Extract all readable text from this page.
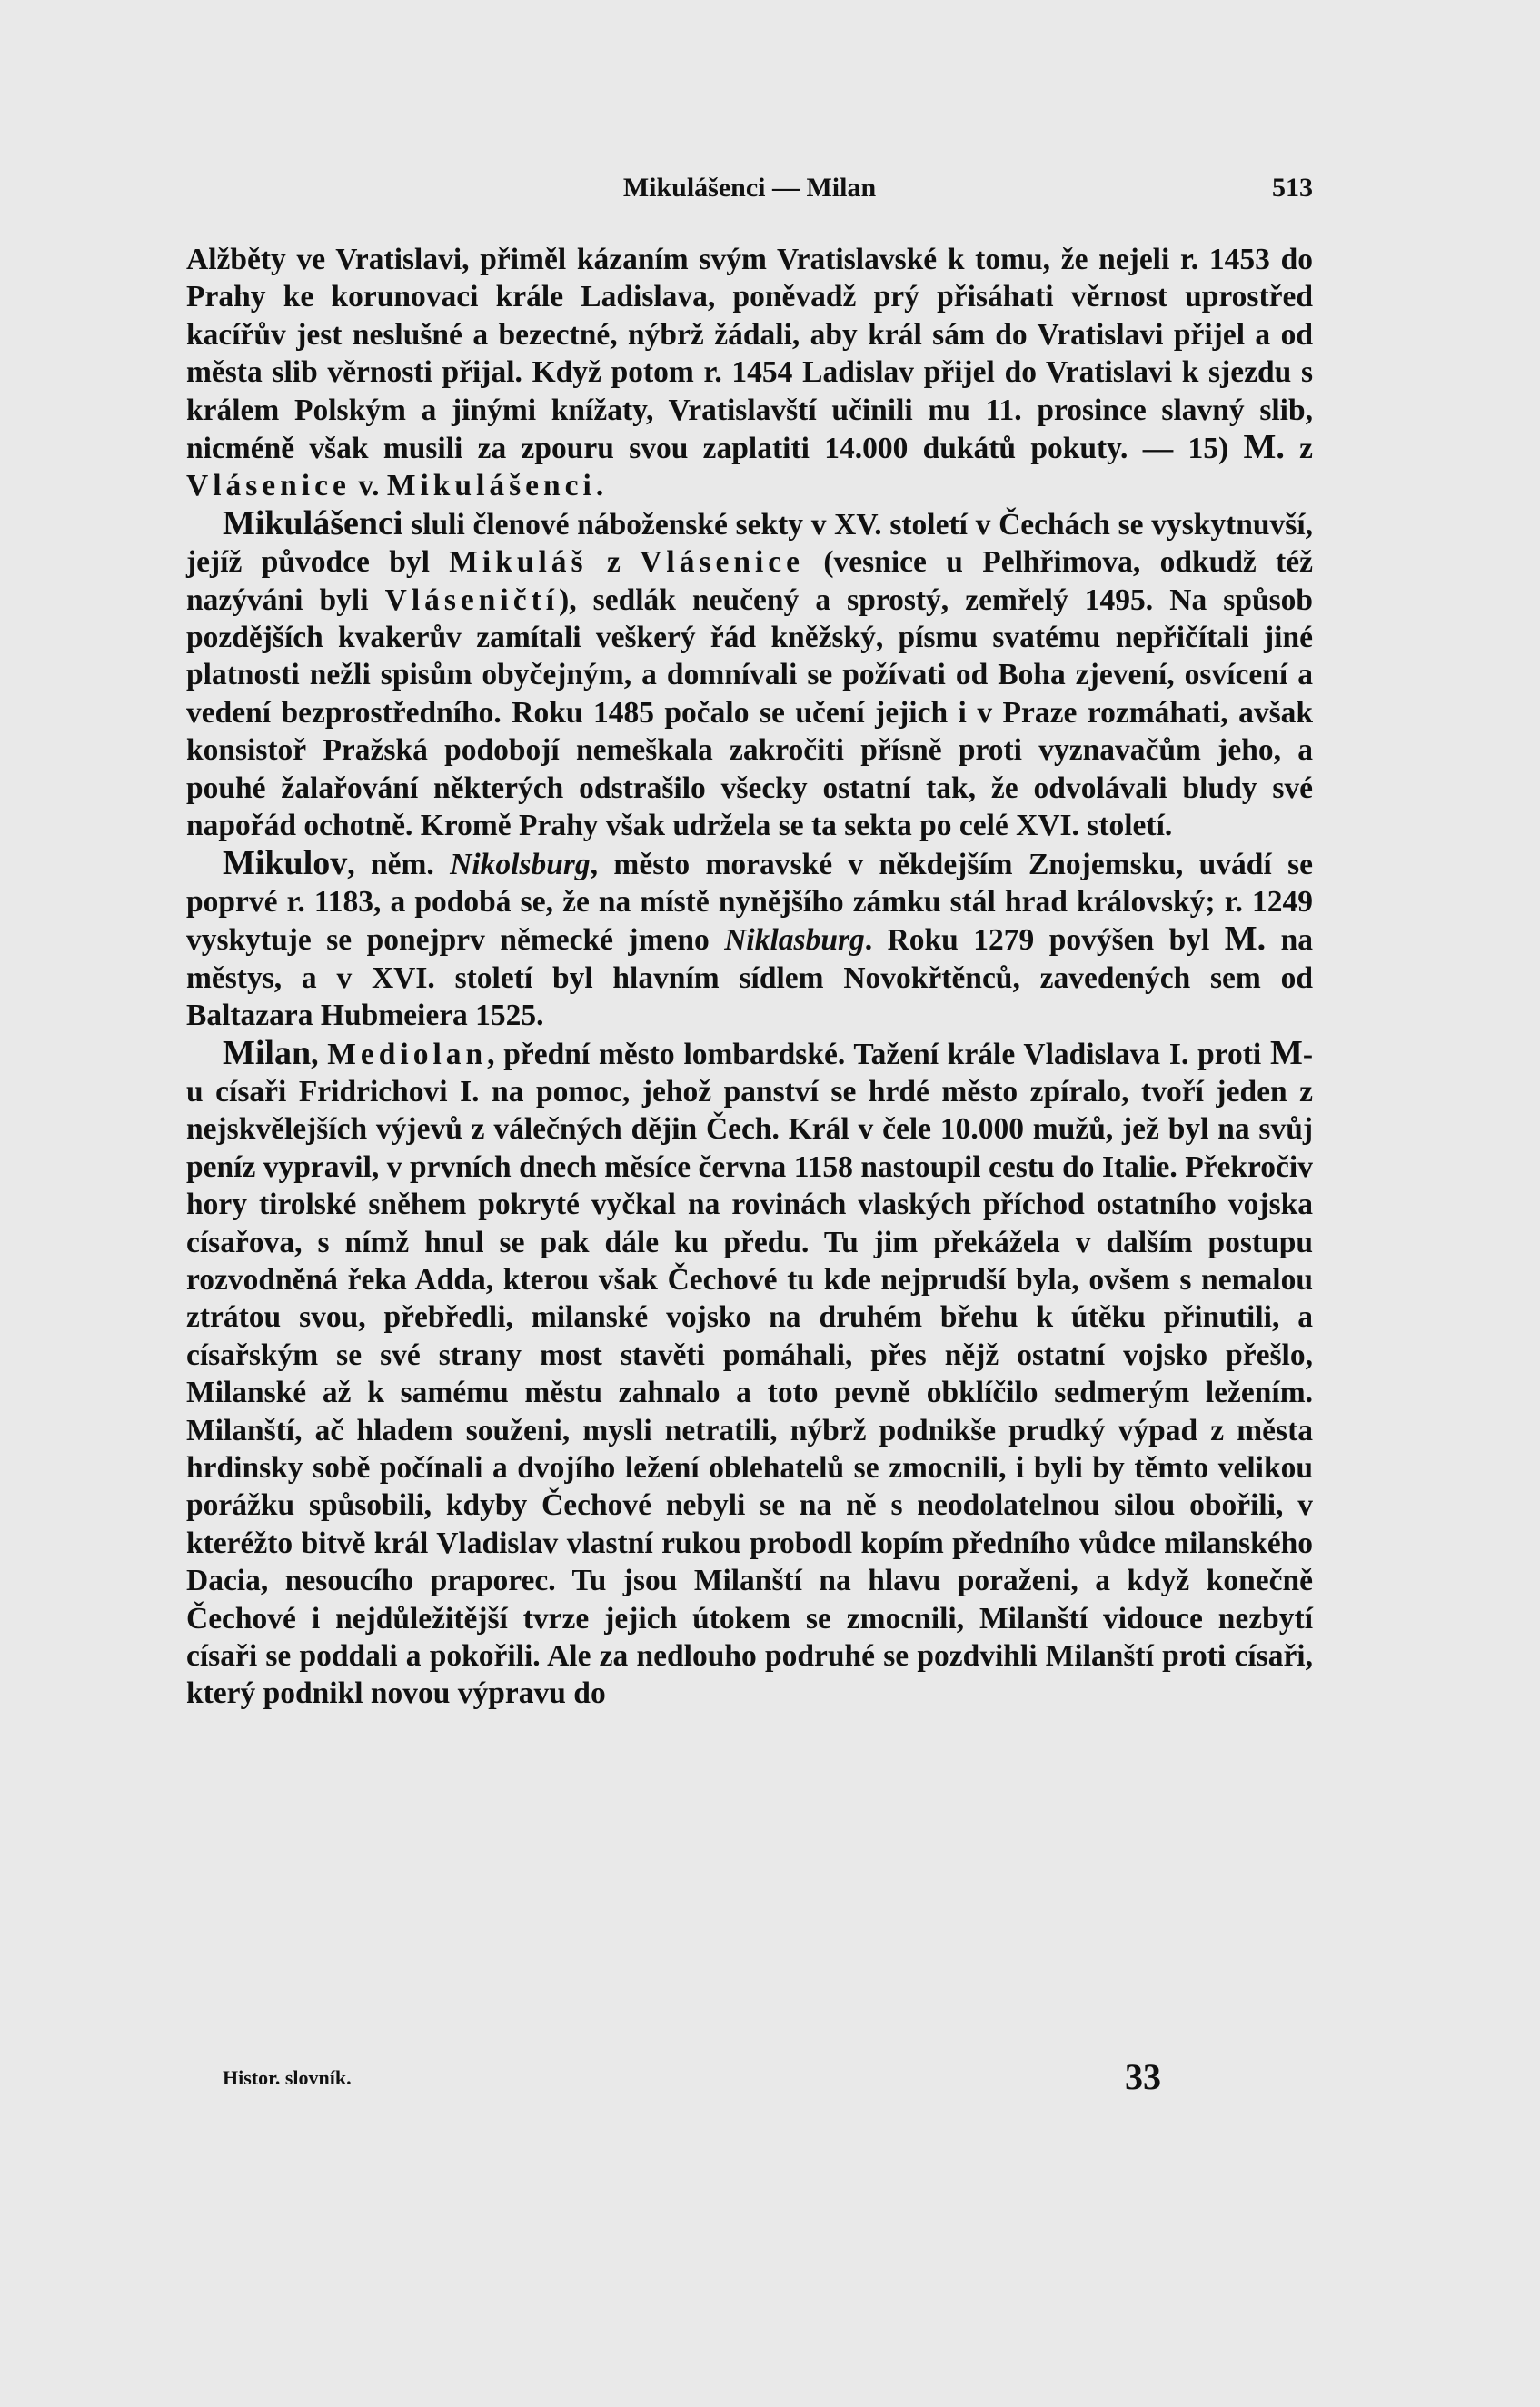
Mikulášenci — Milan	513

Alžběty ve Vratislavi, přiměl kázaním svým Vratislavské k tomu, že nejeli r. 1453 do Prahy ke korunovaci krále Ladislava, poněvadž prý přisáhati věrnost uprostřed kacířův jest neslušné a bezectné, nýbrž žádali, aby král sám do Vratislavi přijel a od města slib věrnosti přijal. Když potom r. 1454 Ladislav přijel do Vratislavi k sjezdu s králem Polským a jinými knížaty, Vratislavští učinili mu 11. prosince slavný slib, nicméně však musili za zpouru svou zaplatiti 14.000 dukátů pokuty. — 15) M. z Vlásenice v. Mikulášenci.

Mikulášenci sluli členové náboženské sekty v XV. století v Čechách se vyskytnuvší, jejíž původce byl Mikuláš z Vlásenice (vesnice u Pelhřimova, odkudž též nazýváni byli Vláseničtí), sedlák neučený a sprostý, zemřelý 1495. Na spůsob pozdějších kvakerův zamítali veškerý řád kněžský, písmu svatému nepřičítali jiné platnosti nežli spisům obyčejným, a domnívali se požívati od Boha zjevení, osvícení a vedení bezprostředního. Roku 1485 počalo se učení jejich i v Praze rozmáhati, avšak konsistoř Pražská podobojí nemeškala zakročiti přísně proti vyznavačům jeho, a pouhé žalařování některých odstrašilo všecky ostatní tak, že odvolávali bludy své napořád ochotně. Kromě Prahy však udržela se ta sekta po celé XVI. století.

Mikulov, něm. Nikolsburg, město moravské v někdejším Znojemsku, uvádí se poprvé r. 1183, a podobá se, že na místě nynějšího zámku stál hrad královský; r. 1249 vyskytuje se ponejprv německé jmeno Niklasburg. Roku 1279 povýšen byl M. na městys, a v XVI. století byl hlavním sídlem Novokřtěnců, zavedených sem od Baltazara Hubmeiera 1525.

Milan, Mediolan, přední město lombardské. Tažení krále Vladislava I. proti M-u císaři Fridrichovi I. na pomoc, jehož panství se hrdé město zpíralo, tvoří jeden z nejskvělejších výjevů z válečných dějin Čech. Král v čele 10.000 mužů, jež byl na svůj peníz vypravil, v prvních dnech měsíce června 1158 nastoupil cestu do Italie. Překročiv hory tirolské sněhem pokryté vyčkal na rovinách vlaských příchod ostatního vojska císařova, s nímž hnul se pak dále ku předu. Tu jim překážela v dalším postupu rozvodněná řeka Adda, kterou však Čechové tu kde nejprudší byla, ovšem s nemalou ztrátou svou, přebředli, milanské vojsko na druhém břehu k útěku přinutili, a císařským se své strany most stavěti pomáhali, přes nějž ostatní vojsko přešlo, Milanské až k samému městu zahnalo a toto pevně obklíčilo sedmerým ležením. Milanští, ač hladem souženi, mysli netratili, nýbrž podnikše prudký výpad z města hrdinsky sobě počínali a dvojího ležení oblehatelů se zmocnili, i byli by těmto velikou porážku spůsobili, kdyby Čechové nebyli se na ně s neodolatelnou silou obořili, v kteréžto bitvě král Vladislav vlastní rukou probodl kopím předního vůdce milanského Dacia, nesoucího praporec. Tu jsou Milanští na hlavu poraženi, a když konečně Čechové i nejdůležitější tvrze jejich útokem se zmocnili, Milanští vidouce nezbytí císaři se poddali a pokořili. Ale za nedlouho podruhé se pozdvihli Milanští proti císaři, který podnikl novou výpravu do

Histor. slovník.	33
